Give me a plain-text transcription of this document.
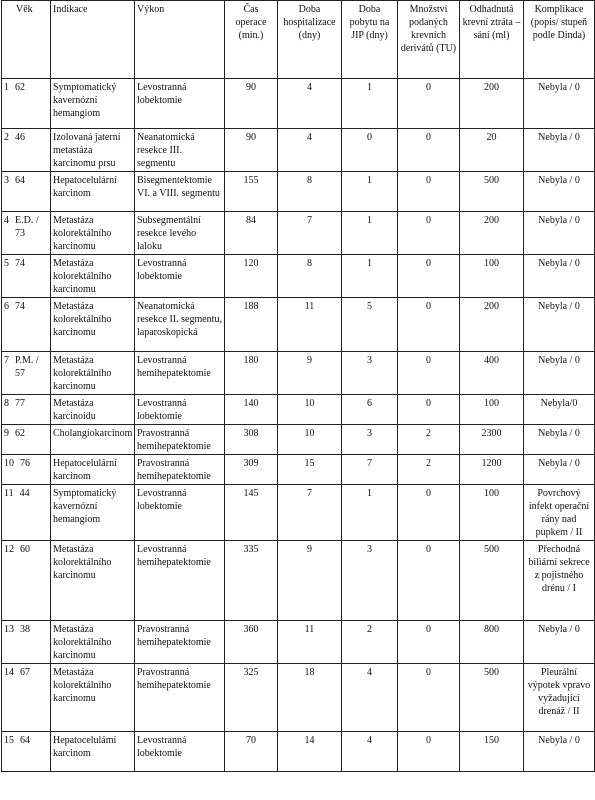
Věk	Indikace	Výkon	Čas operace (min.)	Doba hospitalizace (dny)	Doba pobytu na JIP (dny)	Množství podaných krevních derivátů (TU)	Odhadnutá krevní ztráta – sání (ml)	Komplikace (popis/ stupeň podle Dinda)

1 62	Symptomatický kavernózní hemangiom	Levostranná lobektomie	90	4	1	0	200	Nebyla / 0

2 46	Izolovaná jaterní metastáza karcinomu prsu	Neanatomická resekce III. segmentu	90	4	0	0	20	Nebyla / 0

3 64	Hepatocelulární karcinom	Bisegmentektomie VI. a VIII. segmentu	155	8	1	0	500	Nebyla / 0

4 E.D. / 73	Metastáza kolorektálního karcinomu	Subsegmentální resekce levého laloku	84	7	1	0	200	Nebyla / 0

5 74	Metastáza kolorektálního karcinomu	Levostranná lobektomie	120	8	1	0	100	Nebyla / 0

6 74	Metastáza kolorektálního karcinomu	Neanatomická resekce II. segmentu, laparoskopická	188	11	5	0	200	Nebyla / 0

7 P.M. / 57	Metastáza kolorektálního karcinomu	Levostranná hemihepatektomie	180	9	3	0	400	Nebyla / 0

8 77	Metastáza karcinoidu	Levostranná lobektomie	140	10	6	0	100	Nebyla/0

9 62	Cholangiokarcinom	Pravostranná hemihepatektomie	308	10	3	2	2300	Nebyla / 0

10 76	Hepatocelulární karcinom	Pravostranná hemihepatektomie	309	15	7	2	1200	Nebyla / 0

11 44	Symptomatický kavernózní hemangiom	Levostranná lobektomie	145	7	1	0	100	Povrchový infekt operační rány nad pupkem / II

12 60	Metastáza kolorektálního karcinomu	Levostranná hemihepatektomie	335	9	3	0	500	Přechodná biliární sekrece z pojistného drénu / I

13 38	Metastáza kolorektálního karcinomu	Pravostranná hemihepatektomie	360	11	2	0	800	Nebyla / 0

14 67	Metastáza kolorektálního karcinomu	Pravostranná hemihepatektomie	325	18	4	0	500	Pleurální výpotek vpravo vyžadující drenáž / II

15 64	Hepatocelulámí karcinom	Levostranná lobektomie	70	14	4	0	150	Nebyla / 0
